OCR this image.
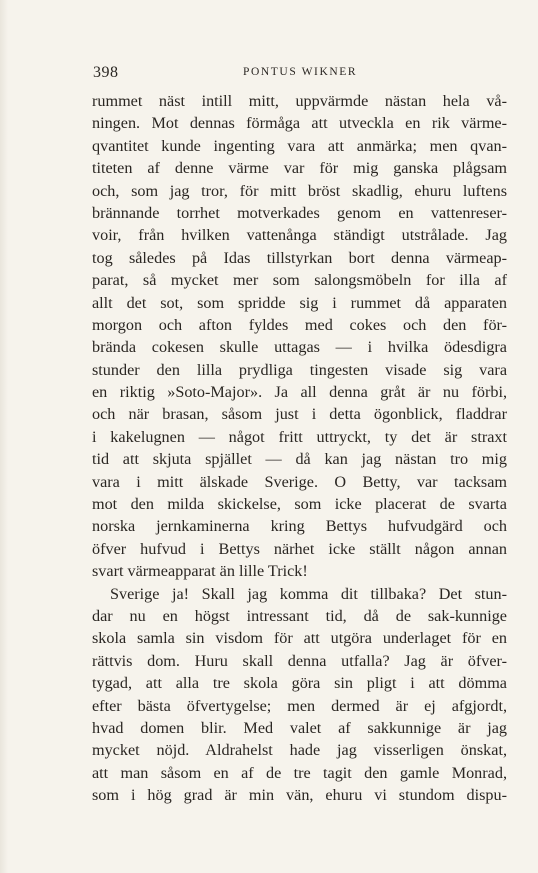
398	PONTUS WIKNER
rummet näst intill mitt, uppvärmde nästan hela vå-
ningen. Mot dennas förmåga att utveckla en rik värme-
qvantitet kunde ingenting vara att anmärka; men qvan-
titeten af denne värme var för mig ganska plågsam
och, som jag tror, för mitt bröst skadlig, ehuru luftens
brännande torrhet motverkades genom en vattenreser-
voir, från hvilken vattenånga ständigt utstrålade. Jag
tog således på Idas tillstyrkan bort denna värmeap-
parat, så mycket mer som salongsmöbeln for illa af
allt det sot, som spridde sig i rummet då apparaten
morgon och afton fyldes med cokes och den för-
brända cokesen skulle uttagas — i hvilka ödesdigra
stunder den lilla prydliga tingesten visade sig vara
en riktig »Soto-Major». Ja all denna gråt är nu förbi,
och när brasan, såsom just i detta ögonblick, fladdrar
i kakelugnen — något fritt uttryckt, ty det är straxt
tid att skjuta spjället — då kan jag nästan tro mig
vara i mitt älskade Sverige. O Betty, var tacksam
mot den milda skickelse, som icke placerat de svarta
norska jernkaminerna kring Bettys hufvudgärd och
öfver hufvud i Bettys närhet icke ställt någon annan
svart värmeapparat än lille Trick!
Sverige ja! Skall jag komma dit tillbaka? Det stun-
dar nu en högst intressant tid, då de sak-kunnige
skola samla sin visdom för att utgöra underlaget för en
rättvis dom. Huru skall denna utfalla? Jag är öfver-
tygad, att alla tre skola göra sin pligt i att dömma
efter bästa öfvertygelse; men dermed är ej afgjordt,
hvad domen blir. Med valet af sakkunnige är jag
mycket nöjd. Aldrahelst hade jag visserligen önskat,
att man såsom en af de tre tagit den gamle Monrad,
som i hög grad är min vän, ehuru vi stundom dispu-
